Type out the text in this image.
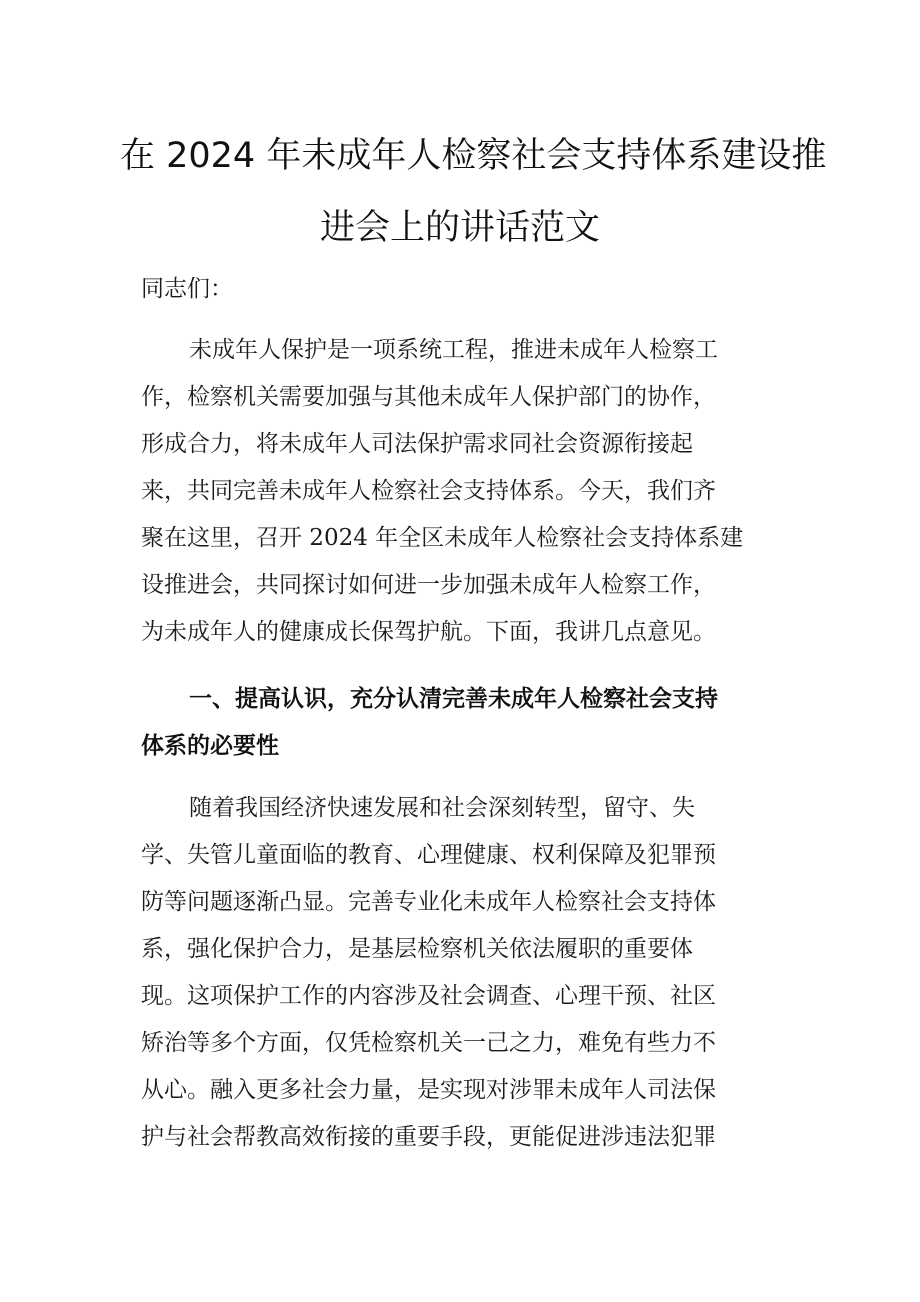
在 2024 年未成年人检察社会支持体系建设推
进会上的讲话范文
同志们：
未成年人保护是一项系统工程，推进未成年人检察工
作，检察机关需要加强与其他未成年人保护部门的协作，
形成合力，将未成年人司法保护需求同社会资源衔接起
来，共同完善未成年人检察社会支持体系。今天，我们齐
聚在这里，召开 2024 年全区未成年人检察社会支持体系建
设推进会，共同探讨如何进一步加强未成年人检察工作，
为未成年人的健康成长保驾护航。下面，我讲几点意见。
一、提高认识，充分认清完善未成年人检察社会支持
体系的必要性
随着我国经济快速发展和社会深刻转型，留守、失
学、失管儿童面临的教育、心理健康、权利保障及犯罪预
防等问题逐渐凸显。完善专业化未成年人检察社会支持体
系，强化保护合力，是基层检察机关依法履职的重要体
现。这项保护工作的内容涉及社会调查、心理干预、社区
矫治等多个方面，仅凭检察机关一己之力，难免有些力不
从心。融入更多社会力量，是实现对涉罪未成年人司法保
护与社会帮教高效衔接的重要手段，更能促进涉违法犯罪
